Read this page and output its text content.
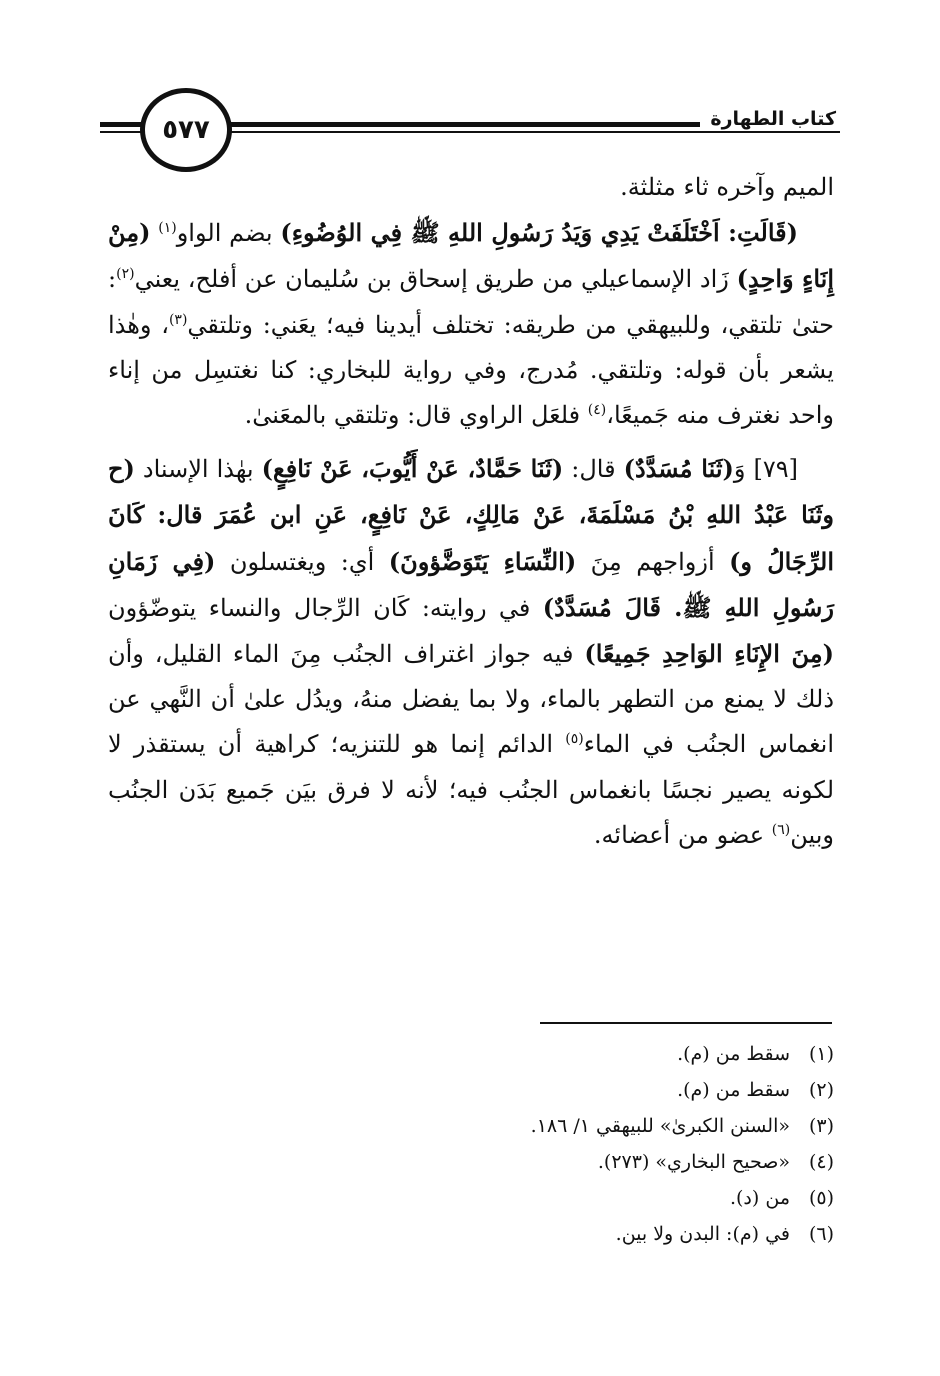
كتاب الطهارة
٥٧٧

الميم وآخره ثاء مثلثة.

(قَالَتِ: اَخْتَلَفَتْ يَدِي وَيَدُ رَسُولِ اللهِ ﷺ فِي الوُضُوءِ) بضم الواو$^{(١)}$ (مِنْ إِنَاءٍ وَاحِدٍ) زَاد الإسماعيلي من طريق إسحاق بن سُليمان عن أفلح، يعني$^{(٢)}$: حتىٰ تلتقي، وللبيهقي من طريقه: تختلف أيدينا فيه؛ يعَني: وتلتقي$^{(٣)}$، وهٰذا يشعر بأن قوله: وتلتقي. مُدرج، وفي رواية للبخاري: كنا نغتسِل من إناء واحد نغترف منه جَميعًا،$^{(٤)}$ فلعَل الراوي قال: وتلتقي بالمعَنىٰ.

[٧٩] وَ(ثَنَا مُسَدَّدٌ) قال: (ثَنَا حَمَّادٌ، عَنْ أَيُّوبَ، عَنْ نَافِعٍ) بهٰذا الإسناد (ح وثَنَا عَبْدُ اللهِ بْنُ مَسْلَمَةَ، عَنْ مَالِكٍ، عَنْ نَافِعٍ، عَنِ ابن عُمَرَ قال: كَانَ الرِّجَالُ و) أزواجهم مِنَ (النِّسَاءِ يَتَوَضَّؤونَ) أي: ويغتسلون (فِي زَمَانِ رَسُولِ اللهِ ﷺ. قَالَ مُسَدَّدٌ) في روايته: كَان الرِّجال والنساء يتوضّؤون (مِنَ الإِنَاءِ الوَاحِدِ جَمِيعًا) فيه جواز اغتراف الجنُب مِنَ الماء القليل، وأن ذلك لا يمنع من التطهر بالماء، ولا بما يفضل منهُ، ويدُل علىٰ أن النَّهي عن انغماس الجنُب في الماء$^{(٥)}$ الدائم إنما هو للتنزيه؛ كراهية أن يستقذر لا لكونه يصير نجسًا بانغماس الجنُب فيه؛ لأنه لا فرق بيَن جَميع بَدَن الجنُب وبين$^{(٦)}$ عضو من أعضائه.

(١)سقط من (م).
(٢)سقط من (م).
(٣)«السنن الكبرىٰ» للبيهقي ١/ ١٨٦.
(٤)«صحيح البخاري» (٢٧٣).
(٥)من (د).
(٦)في (م): البدن ولا بين.
